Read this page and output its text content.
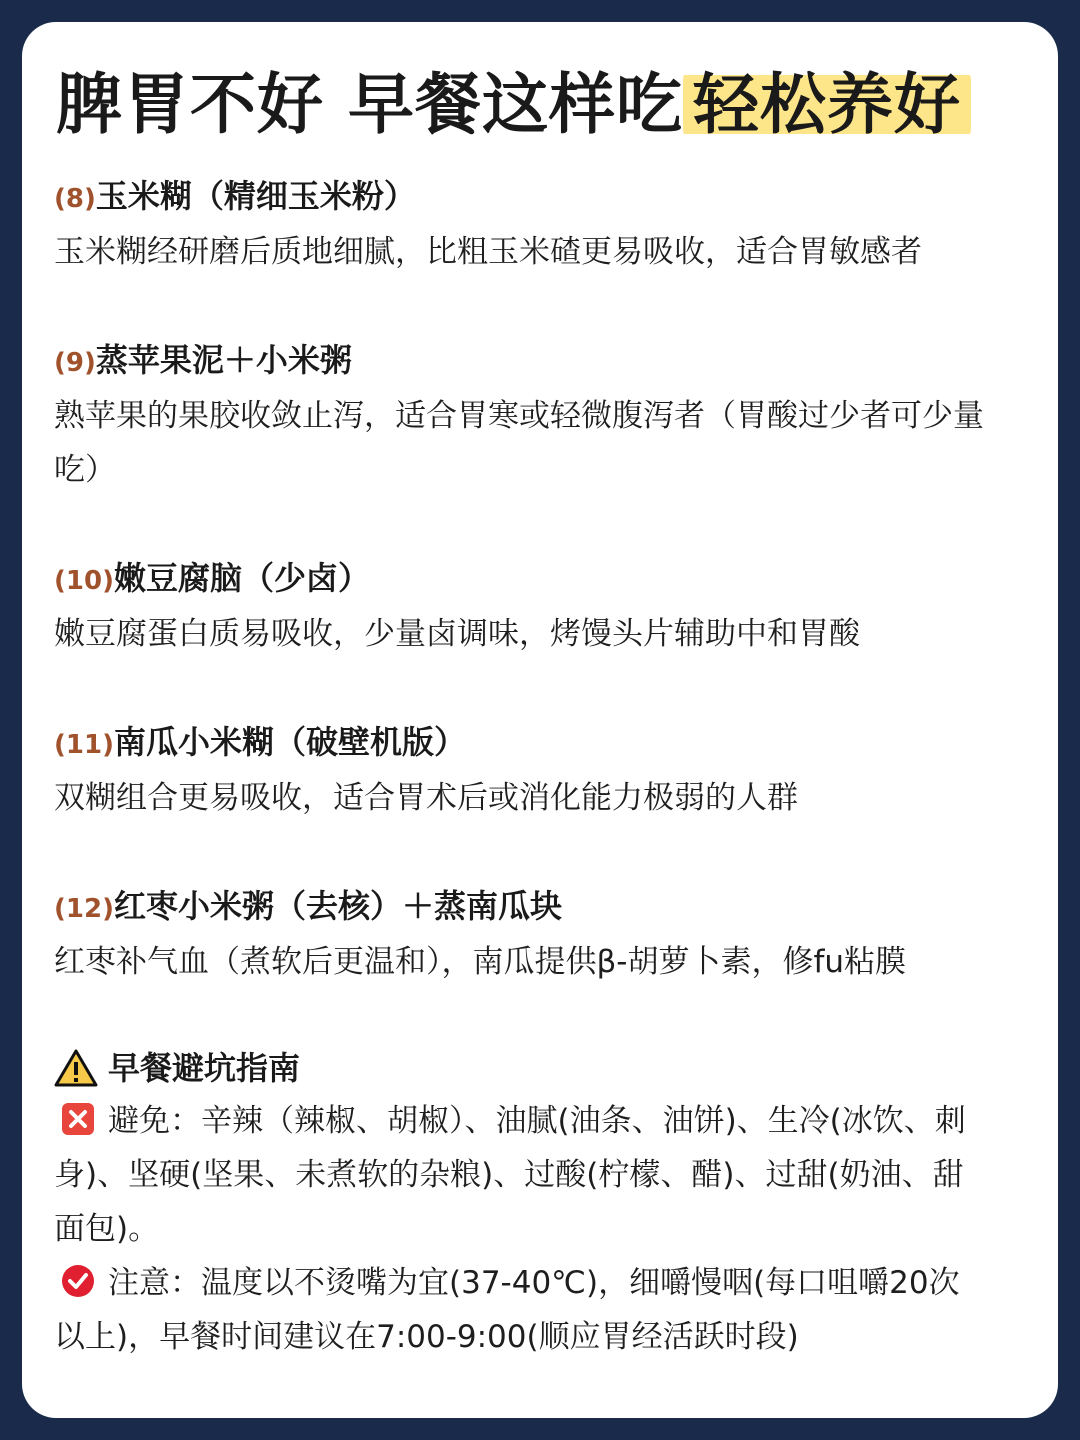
脾胃不好 早餐这样吃 轻松养好
(8)玉米糊（精细玉米粉）
玉米糊经研磨后质地细腻，比粗玉米碴更易吸收，适合胃敏感者
(9)蒸苹果泥＋小米粥
熟苹果的果胶收敛止泻，适合胃寒或轻微腹泻者（胃酸过少者可少量吃）
(10)嫩豆腐脑（少卤）
嫩豆腐蛋白质易吸收，少量卤调味，烤馒头片辅助中和胃酸
(11)南瓜小米糊（破壁机版）
双糊组合更易吸收，适合胃术后或消化能力极弱的人群
(12)红枣小米粥（去核）＋蒸南瓜块
红枣补气血（煮软后更温和），南瓜提供β-胡萝卜素，修fu粘膜
早餐避坑指南

避免：辛辣（辣椒、胡椒）、油腻(油条、油饼)、生冷(冰饮、刺身)、坚硬(坚果、未煮软的杂粮)、过酸(柠檬、醋)、过甜(奶油、甜面包)。

注意：温度以不烫嘴为宜(37-40℃)，细嚼慢咽(每口咀嚼20次以上)，早餐时间建议在7:00-9:00(顺应胃经活跃时段)
